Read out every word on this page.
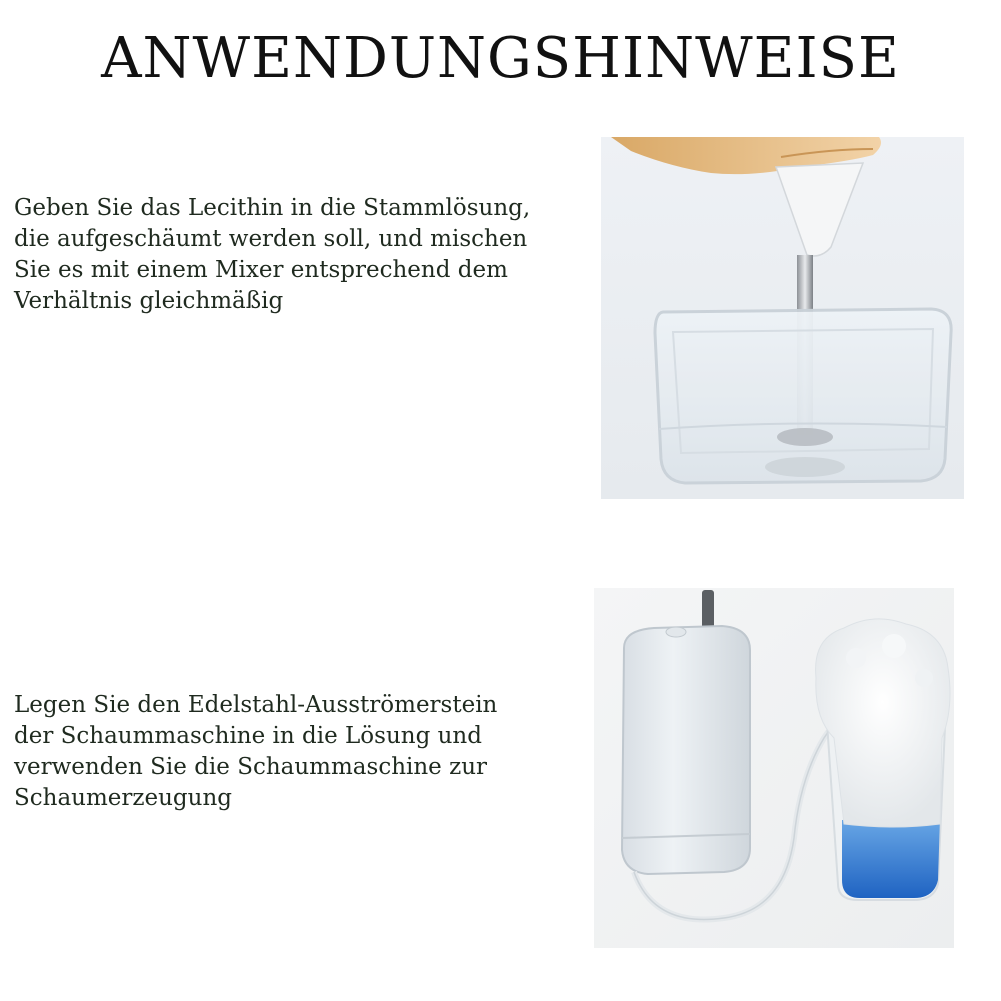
ANWENDUNGSHINWEISE

Geben Sie das Lecithin in die Stammlösung,
die aufgeschäumt werden soll, und mischen
Sie es mit einem Mixer entsprechend dem
Verhältnis gleichmäßig

Legen Sie den Edelstahl-Ausströmerstein
der Schaummaschine in die Lösung und
verwenden Sie die Schaummaschine zur
Schaumerzeugung
